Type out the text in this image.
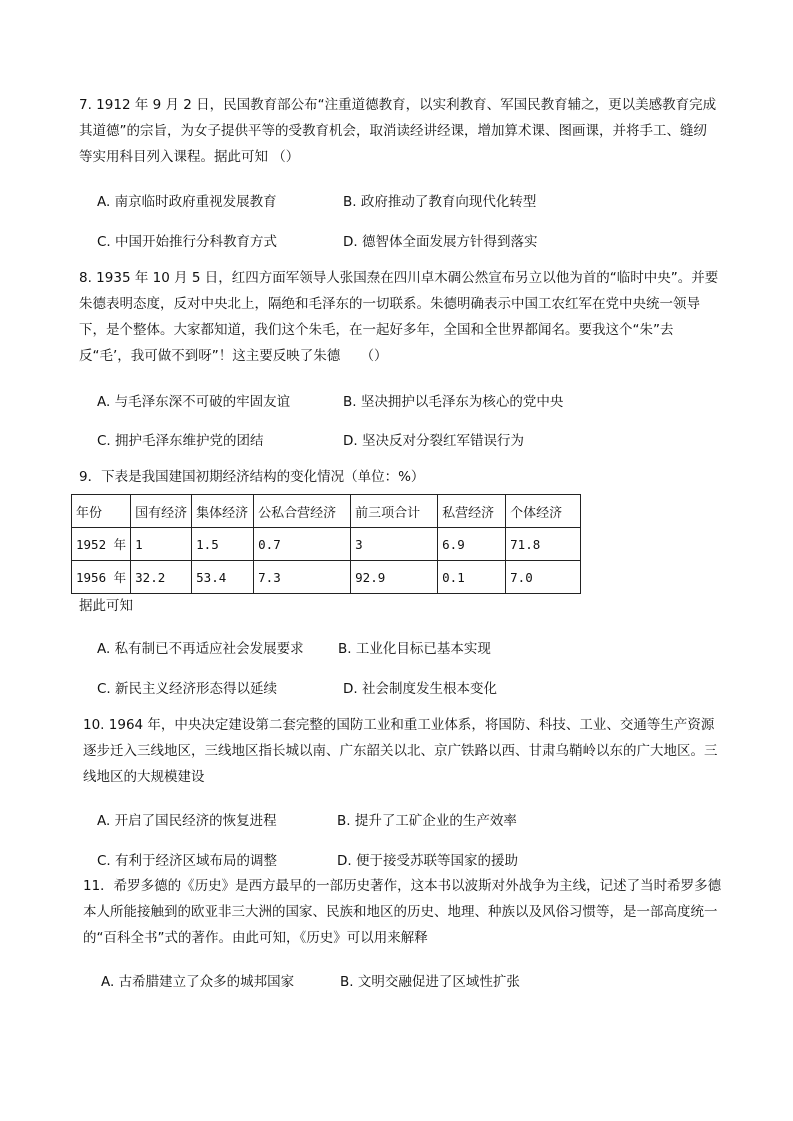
7. 1912 年 9 月 2 日，民国教育部公布“注重道德教育，以实利教育、军国民教育辅之，更以美感教育完成其道德”的宗旨，为女子提供平等的受教育机会，取消读经讲经课，增加算术课、图画课，并将手工、缝纫等实用科目列入课程。据此可知 （）
A. 南京临时政府重视发展教育	B. 政府推动了教育向现代化转型
C. 中国开始推行分科教育方式	D. 德智体全面发展方针得到落实
8. 1935 年 10 月 5 日，红四方面军领导人张国焘在四川卓木碉公然宣布另立以他为首的“临时中央”。并要朱德表明态度，反对中央北上，隔绝和毛泽东的一切联系。朱德明确表示中国工农红军在党中央统一领导下，是个整体。大家都知道，我们这个朱毛，在一起好多年，全国和全世界都闻名。要我这个“朱”去反“毛’，我可做不到呀”！这主要反映了朱德　　（）
A. 与毛泽东深不可破的牢固友谊	B. 坚决拥护以毛泽东为核心的党中央
C. 拥护毛泽东维护党的团结	D. 坚决反对分裂红军错误行为
9．下表是我国建国初期经济结构的变化情况（单位：%）
年份	国有经济	集体经济	公私合营经济	前三项合计	私营经济	个体经济
1952 年	1	1.5	0.7	3	6.9	71.8
1956 年	32.2	53.4	7.3	92.9	0.1	7.0
据此可知
A. 私有制已不再适应社会发展要求	B. 工业化目标已基本实现
C. 新民主义经济形态得以延续	D. 社会制度发生根本变化
10. 1964 年，中央决定建设第二套完整的国防工业和重工业体系，将国防、科技、工业、交通等生产资源逐步迁入三线地区，三线地区指长城以南、广东韶关以北、京广铁路以西、甘肃乌鞘岭以东的广大地区。三线地区的大规模建设
A. 开启了国民经济的恢复进程	B. 提升了工矿企业的生产效率
C. 有利于经济区域布局的调整	D. 便于接受苏联等国家的援助
11．希罗多德的《历史》是西方最早的一部历史著作，这本书以波斯对外战争为主线，记述了当时希罗多德本人所能接触到的欧亚非三大洲的国家、民族和地区的历史、地理、种族以及风俗习惯等，是一部高度统一的“百科全书”式的著作。由此可知，《历史》可以用来解释
A. 古希腊建立了众多的城邦国家	B. 文明交融促进了区域性扩张
